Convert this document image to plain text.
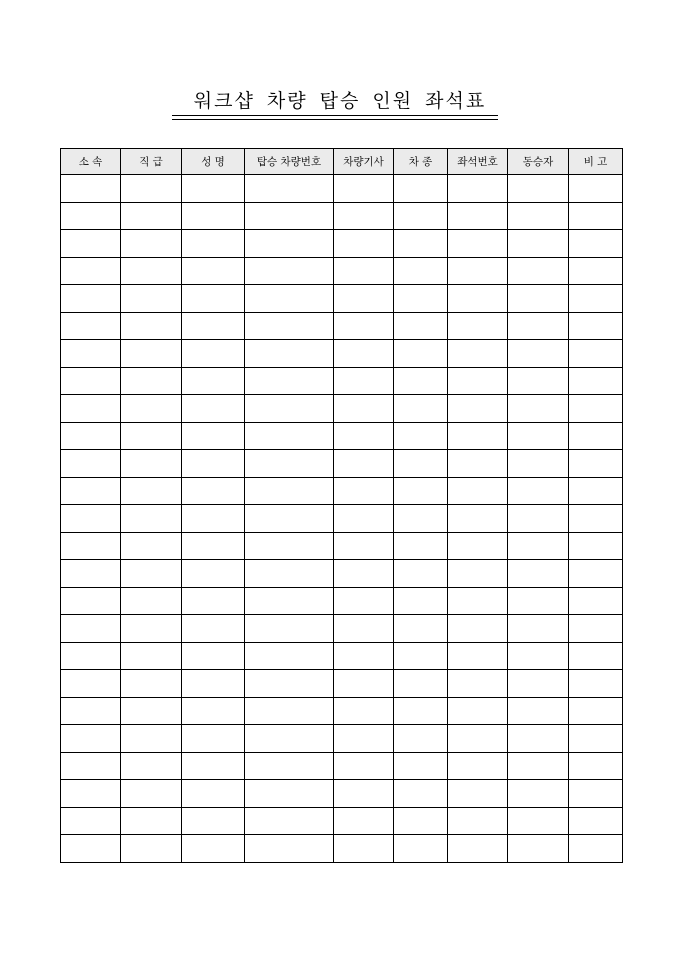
워크샵 차량 탑승 인원 좌석표
소 속	직 급	성 명	탑승 차량번호	차량기사	차 종	좌석번호	동승자	비 고
